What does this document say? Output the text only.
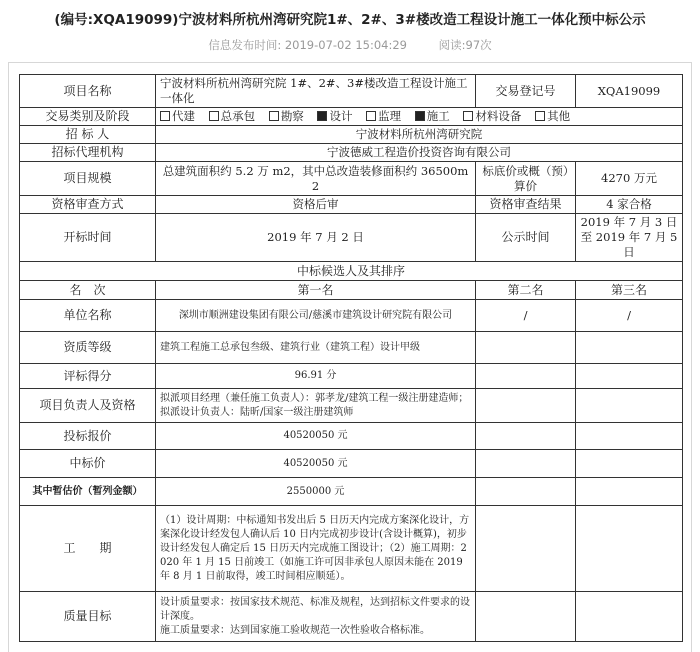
(编号:XQA19099)宁波材料所杭州湾研究院1#、2#、3#楼改造工程设计施工一体化预中标公示
信息发布时间: 2019-07-02 15:04:29	阅读:97次
项目名称	宁波材料所杭州湾研究院 1#、2#、3#楼改造工程设计施工一体化	交易登记号	XQA19099
交易类别及阶段	代建 总承包 勘察 设计 监理 施工 材料设备 其他		
招 标 人	宁波材料所杭州湾研究院		
招标代理机构	宁波德威工程造价投资咨询有限公司		
项目规模	总建筑面积约 5.2 万 m2，其中总改造装修面积约 36500m2	标底价或概（预）算价	4270 万元
资格审查方式	资格后审	资格审查结果	4 家合格
开标时间	2019 年 7 月 2 日	公示时间	2019 年 7 月 3 日至 2019 年 7 月 5 日
中标候选人及其排序			
名　次	第一名	第二名	第三名
单位名称	深圳市顺洲建设集团有限公司/慈溪市建筑设计研究院有限公司	/	/
资质等级	建筑工程施工总承包叁级、建筑行业（建筑工程）设计甲级		
评标得分	96.91 分		
项目负责人及资格	拟派项目经理（兼任施工负责人）：郭孝龙/建筑工程一级注册建造师；拟派设计负责人：陆昕/国家一级注册建筑师		
投标报价	40520050 元		
中标价	40520050 元		
其中暂估价（暂列金额）	2550000 元		
工　　期	（1）设计周期：中标通知书发出后 5 日历天内完成方案深化设计，方案深化设计经发包人确认后 10 日内完成初步设计(含设计概算)，初步设计经发包人确定后 15 日历天内完成施工图设计；（2）施工周期：2020 年 1 月 15 日前竣工（如施工许可因非承包人原因未能在 2019 年 8 月 1 日前取得，竣工时间相应顺延）。		
质量目标	设计质量要求：按国家技术规范、标准及规程，达到招标文件要求的设计深度。
施工质量要求：达到国家施工验收规范一次性验收合格标准。		
